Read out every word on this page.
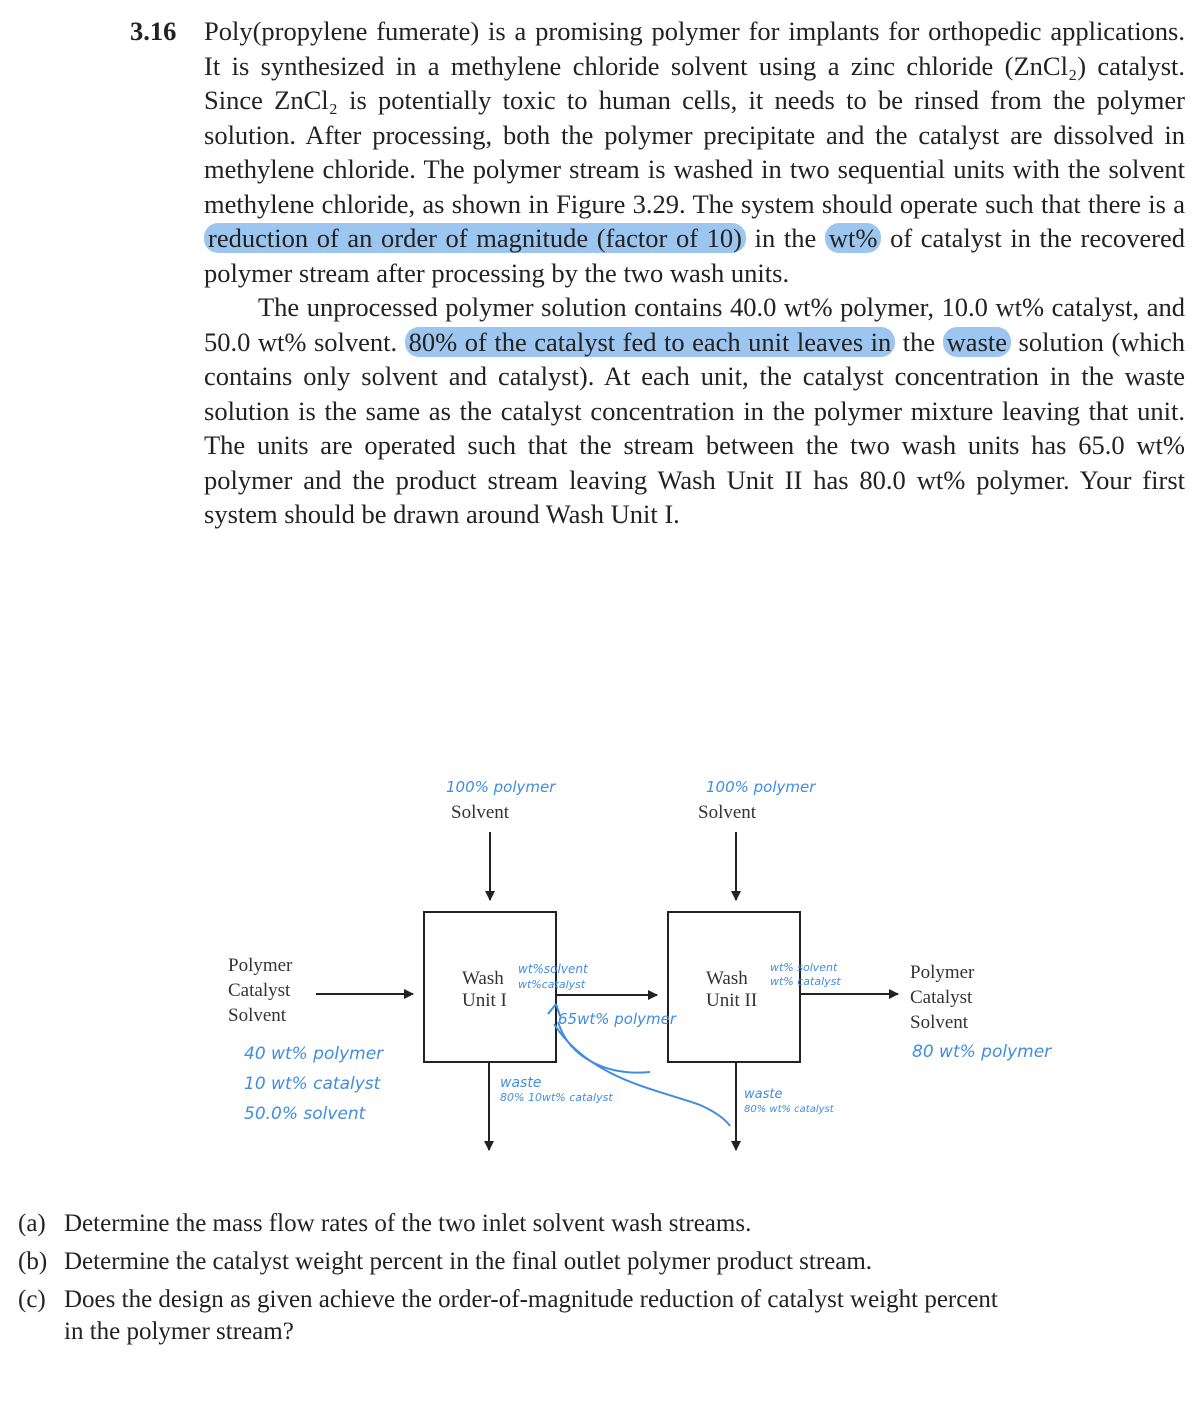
3.16 Poly(propylene fumerate) is a promising polymer for implants for orthopedic applications. It is synthesized in a methylene chloride solvent using a zinc chloride (ZnCl₂) catalyst. Since ZnCl₂ is potentially toxic to human cells, it needs to be rinsed from the polymer solution. After processing, both the polymer precipitate and the catalyst are dissolved in methylene chloride. The polymer stream is washed in two sequential units with the solvent methylene chloride, as shown in Figure 3.29. The system should operate such that there is a reduction of an order of magnitude (factor of 10) in the wt% of catalyst in the recovered polymer stream after processing by the two wash units.

The unprocessed polymer solution contains 40.0 wt% polymer, 10.0 wt% catalyst, and 50.0 wt% solvent. 80% of the catalyst fed to each unit leaves in the waste solution (which contains only solvent and catalyst). At each unit, the catalyst concentration in the waste solution is the same as the catalyst concentration in the polymer mixture leaving that unit. The units are operated such that the stream between the two wash units has 65.0 wt% polymer and the product stream leaving Wash Unit II has 80.0 wt% polymer. Your first system should be drawn around Wash Unit I.

Solvent	Solvent
Polymer
Catalyst
Solvent
Wash
Unit I
Wash
Unit II
Polymer
Catalyst
Solvent
100% polymer	100% polymer
40 wt% polymer
10 wt% catalyst
50.0% solvent
wt%solvent
wt%catalyst
65wt% polymer
waste
80% 10wt% catalyst
wt% solvent
wt% catalyst
waste
80% wt% catalyst
80 wt% polymer
(a) Determine the mass flow rates of the two inlet solvent wash streams.
(b) Determine the catalyst weight percent in the final outlet polymer product stream.
(c) Does the design as given achieve the order-of-magnitude reduction of catalyst weight percent in the polymer stream?
